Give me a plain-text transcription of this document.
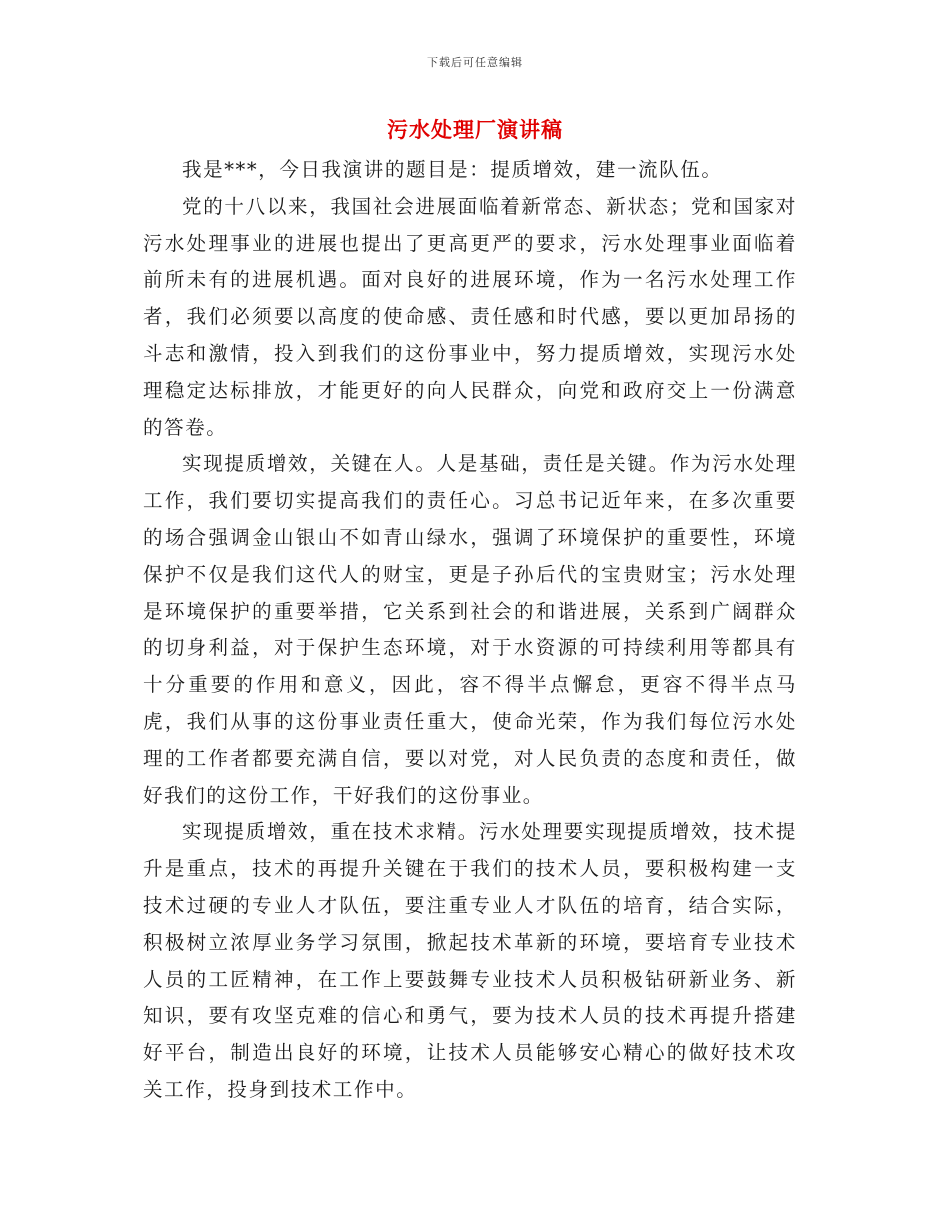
下载后可任意编辑
污水处理厂演讲稿

我是***，今日我演讲的题目是：提质增效，建一流队伍。

党的十八以来，我国社会进展面临着新常态、新状态；党和国家对污水处理事业的进展也提出了更高更严的要求，污水处理事业面临着前所未有的进展机遇。面对良好的进展环境，作为一名污水处理工作者，我们必须要以高度的使命感、责任感和时代感，要以更加昂扬的斗志和激情，投入到我们的这份事业中，努力提质增效，实现污水处理稳定达标排放，才能更好的向人民群众，向党和政府交上一份满意的答卷。

实现提质增效，关键在人。人是基础，责任是关键。作为污水处理工作，我们要切实提高我们的责任心。习总书记近年来，在多次重要的场合强调金山银山不如青山绿水，强调了环境保护的重要性，环境保护不仅是我们这代人的财宝，更是子孙后代的宝贵财宝；污水处理是环境保护的重要举措，它关系到社会的和谐进展，关系到广阔群众的切身利益，对于保护生态环境，对于水资源的可持续利用等都具有十分重要的作用和意义，因此，容不得半点懈怠，更容不得半点马虎，我们从事的这份事业责任重大，使命光荣，作为我们每位污水处理的工作者都要充满自信，要以对党，对人民负责的态度和责任，做好我们的这份工作，干好我们的这份事业。

实现提质增效，重在技术求精。污水处理要实现提质增效，技术提升是重点，技术的再提升关键在于我们的技术人员，要积极构建一支技术过硬的专业人才队伍，要注重专业人才队伍的培育，结合实际，积极树立浓厚业务学习氛围，掀起技术革新的环境，要培育专业技术人员的工匠精神，在工作上要鼓舞专业技术人员积极钻研新业务、新知识，要有攻坚克难的信心和勇气，要为技术人员的技术再提升搭建好平台，制造出良好的环境，让技术人员能够安心精心的做好技术攻关工作，投身到技术工作中。
